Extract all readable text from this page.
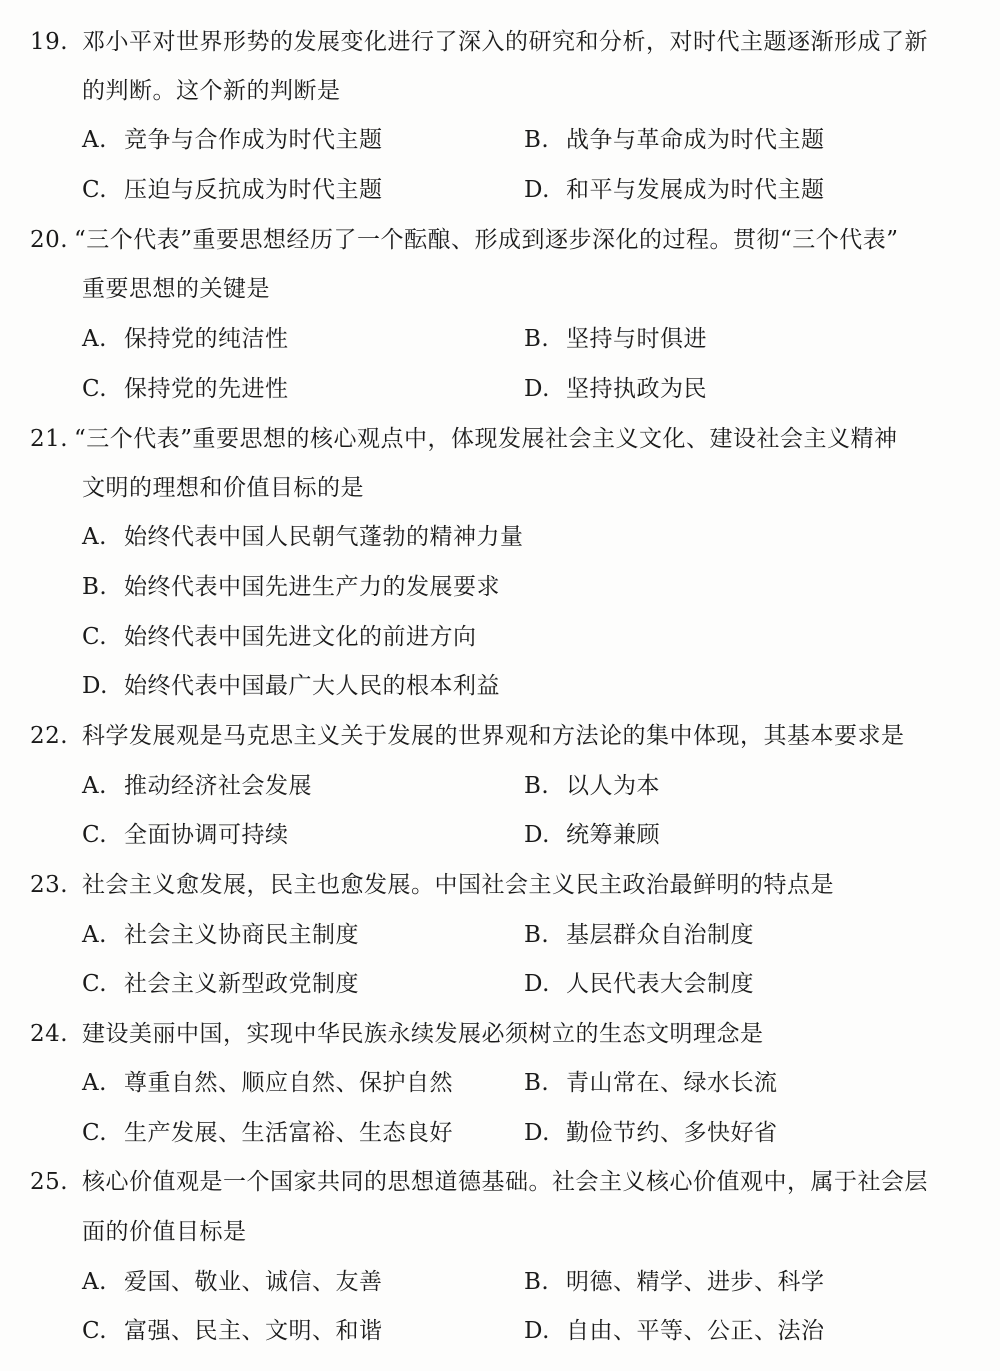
19. 邓小平对世界形势的发展变化进行了深入的研究和分析，对时代主题逐渐形成了新
的判断。这个新的判断是
A. 竞争与合作成为时代主题	B. 战争与革命成为时代主题
C. 压迫与反抗成为时代主题	D. 和平与发展成为时代主题
20. “三个代表”重要思想经历了一个酝酿、形成到逐步深化的过程。贯彻“三个代表”
重要思想的关键是
A. 保持党的纯洁性	B. 坚持与时俱进
C. 保持党的先进性	D. 坚持执政为民
21. “三个代表”重要思想的核心观点中，体现发展社会主义文化、建设社会主义精神
文明的理想和价值目标的是
A. 始终代表中国人民朝气蓬勃的精神力量
B. 始终代表中国先进生产力的发展要求
C. 始终代表中国先进文化的前进方向
D. 始终代表中国最广大人民的根本利益
22. 科学发展观是马克思主义关于发展的世界观和方法论的集中体现，其基本要求是
A. 推动经济社会发展	B. 以人为本
C. 全面协调可持续	D. 统筹兼顾
23. 社会主义愈发展，民主也愈发展。中国社会主义民主政治最鲜明的特点是
A. 社会主义协商民主制度	B. 基层群众自治制度
C. 社会主义新型政党制度	D. 人民代表大会制度
24. 建设美丽中国，实现中华民族永续发展必须树立的生态文明理念是
A. 尊重自然、顺应自然、保护自然	B. 青山常在、绿水长流
C. 生产发展、生活富裕、生态良好	D. 勤俭节约、多快好省
25. 核心价值观是一个国家共同的思想道德基础。社会主义核心价值观中，属于社会层
面的价值目标是
A. 爱国、敬业、诚信、友善	B. 明德、精学、进步、科学
C. 富强、民主、文明、和谐	D. 自由、平等、公正、法治
